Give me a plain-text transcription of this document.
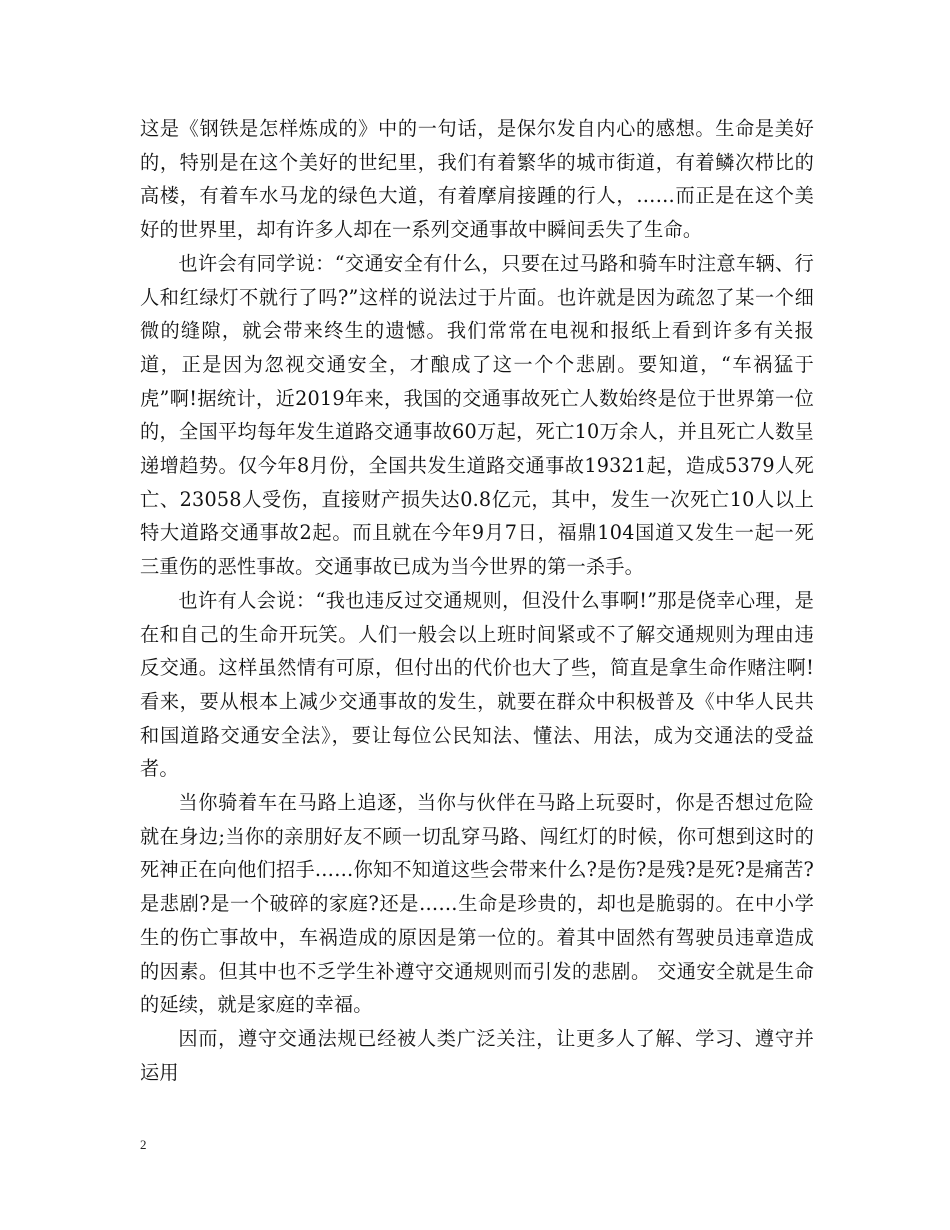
这是《钢铁是怎样炼成的》中的一句话，是保尔发自内心的感想。生命是美好的，特别是在这个美好的世纪里，我们有着繁华的城市街道，有着鳞次栉比的高楼，有着车水马龙的绿色大道，有着摩肩接踵的行人，……而正是在这个美好的世界里，却有许多人却在一系列交通事故中瞬间丢失了生命。

也许会有同学说：“交通安全有什么，只要在过马路和骑车时注意车辆、行人和红绿灯不就行了吗?”这样的说法过于片面。也许就是因为疏忽了某一个细微的缝隙，就会带来终生的遗憾。我们常常在电视和报纸上看到许多有关报道，正是因为忽视交通安全，才酿成了这一个个悲剧。要知道，“车祸猛于虎”啊!据统计，近2019年来，我国的交通事故死亡人数始终是位于世界第一位的，全国平均每年发生道路交通事故60万起，死亡10万余人，并且死亡人数呈递增趋势。仅今年8月份，全国共发生道路交通事故19321起，造成5379人死亡、23058人受伤，直接财产损失达0.8亿元，其中，发生一次死亡10人以上特大道路交通事故2起。而且就在今年9月7日，福鼎104国道又发生一起一死三重伤的恶性事故。交通事故已成为当今世界的第一杀手。

也许有人会说：“我也违反过交通规则，但没什么事啊!”那是侥幸心理，是在和自己的生命开玩笑。人们一般会以上班时间紧或不了解交通规则为理由违反交通。这样虽然情有可原，但付出的代价也大了些，简直是拿生命作赌注啊!看来，要从根本上减少交通事故的发生，就要在群众中积极普及《中华人民共和国道路交通安全法》，要让每位公民知法、懂法、用法，成为交通法的受益者。

当你骑着车在马路上追逐，当你与伙伴在马路上玩耍时，你是否想过危险就在身边;当你的亲朋好友不顾一切乱穿马路、闯红灯的时候，你可想到这时的死神正在向他们招手……你知不知道这些会带来什么?是伤?是残?是死?是痛苦?是悲剧?是一个破碎的家庭?还是……生命是珍贵的，却也是脆弱的。在中小学生的伤亡事故中，车祸造成的原因是第一位的。着其中固然有驾驶员违章造成的因素。但其中也不乏学生补遵守交通规则而引发的悲剧。 交通安全就是生命的延续，就是家庭的幸福。

因而，遵守交通法规已经被人类广泛关注，让更多人了解、学习、遵守并运用

2
